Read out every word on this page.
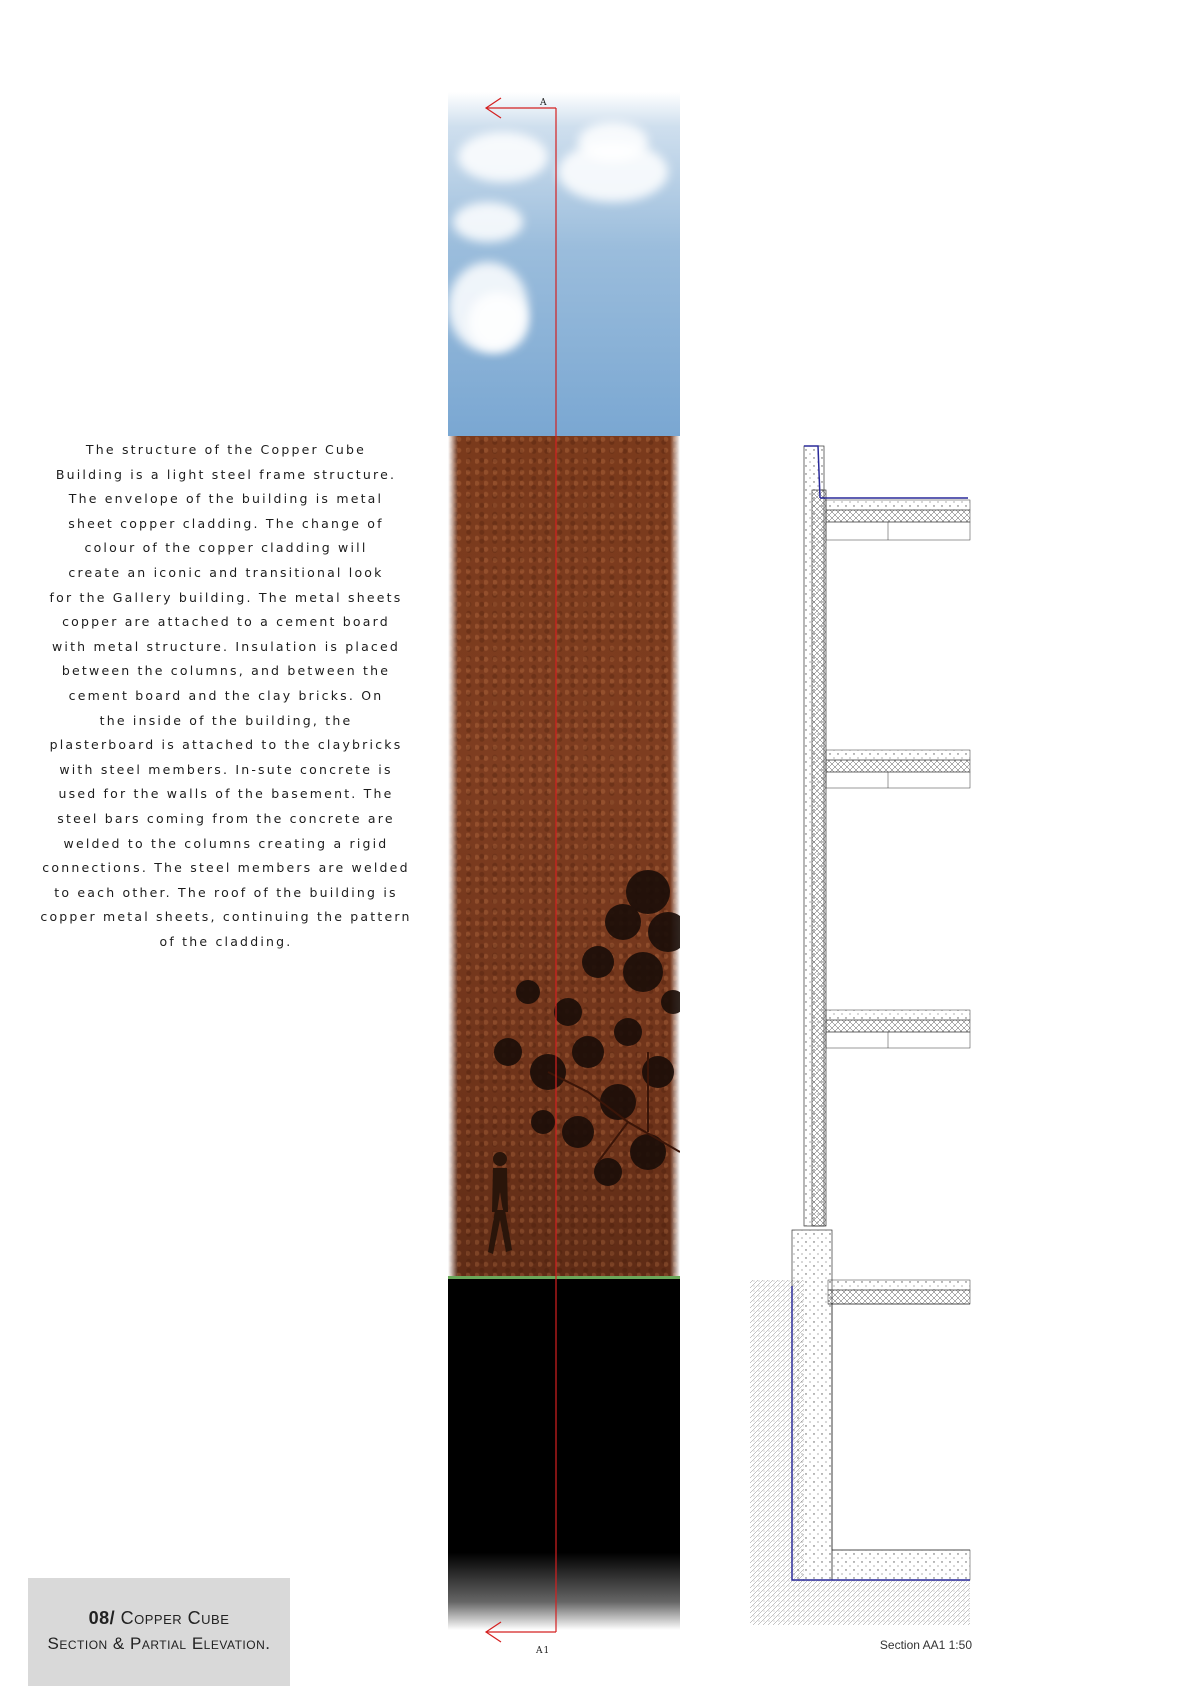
The structure of the Copper Cube
Building is a light steel frame structure.
The envelope of the building is metal
sheet copper cladding. The change of
colour of the copper cladding will
create an iconic and transitional look
for the Gallery building. The metal sheets
copper are attached to a cement board
with metal structure. Insulation is placed
between the columns, and between the
cement board and the clay bricks. On
the inside of the building, the
plasterboard is attached to the claybricks
with steel members. In-sute concrete is
used for the walls of the basement. The
steel bars coming from the concrete are
welded to the columns creating a rigid
connections. The steel members are welded
to each other. The roof of the building is
copper metal sheets, continuing the pattern
of the cladding.
A
A1	Section AA1 1:50
08/ Copper Cube
Section & Partial Elevation.
